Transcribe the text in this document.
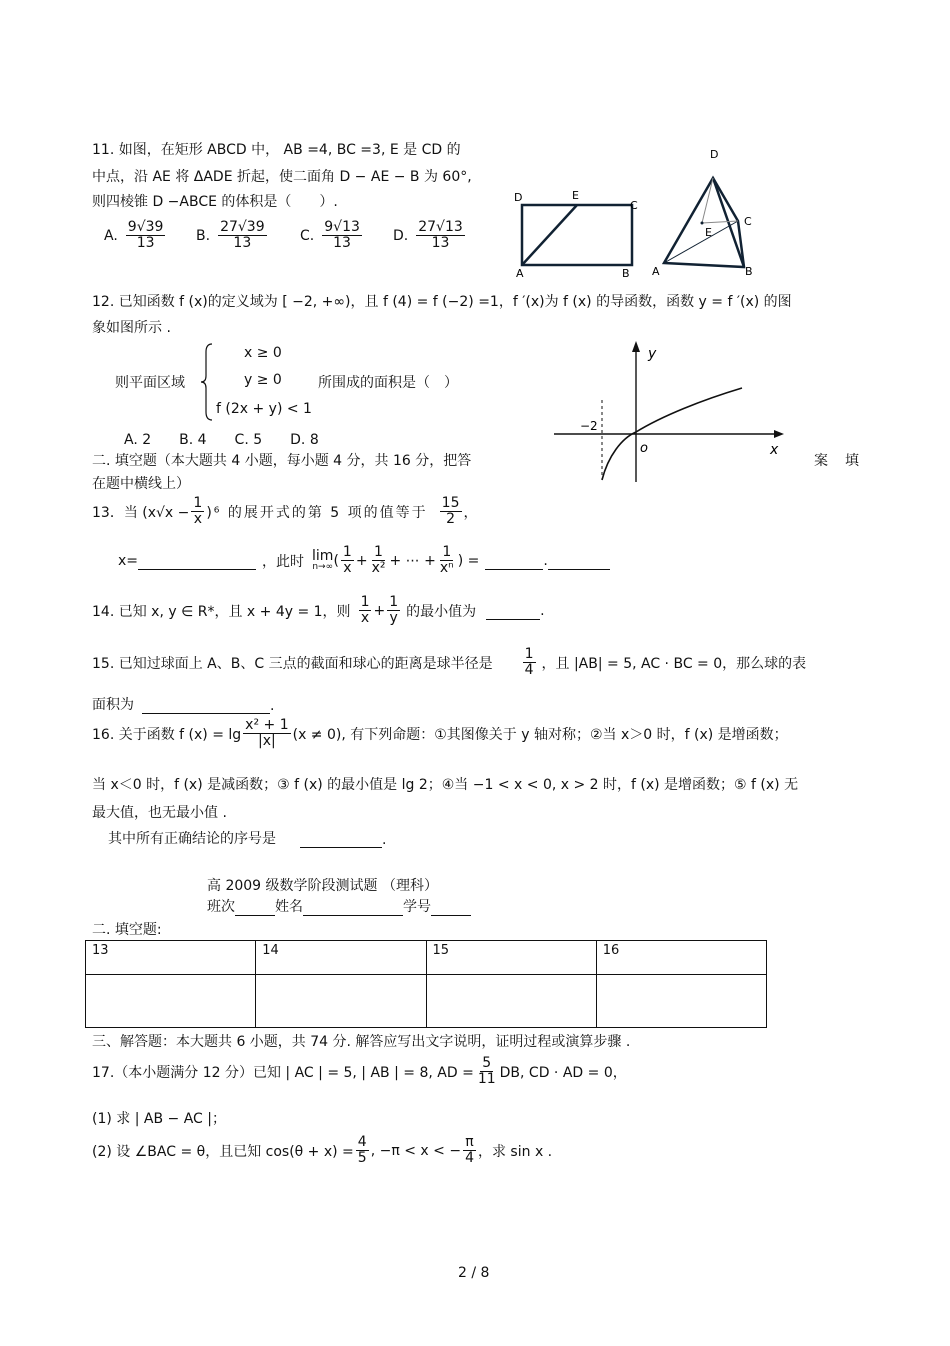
11. 如图，在矩形 ABCD 中， AB =4, BC =3, E 是 CD 的
中点，沿 AE 将 ΔADE 折起，使二面角 D − AE − B 为 60°,
则四棱锥 D −ABCE 的体积是（　　）.
A. $\frac{9√39}{13} B$. $\frac{27√39}{13} C$. $\frac{9√13}{13} D$. $\frac{27√13}{13}$
D	E
C
A	B
D
E
C
A	B
12. 已知函数 f (x)的定义域为 [ −2, +∞)，且 f (4) = f (−2) =1，f ′(x)为 f (x) 的导函数，函数 y = f ′(x) 的图
象如图所示 .
则平面区域
x ≥ 0
y ≥ 0
f (2x + y) < 1
所围成的面积是（　）
A. 2　　B. 4　　C. 5　　D. 8
y
x
o
−2
二. 填空题（本大题共 4 小题，每小题 4 分，共 16 分，把答	案 填
在题中横线上）
13．当 $(x√x - \frac{1}{x} )^6$ 的展开式的第 5 项的值等于 $\frac{15}{2}$ ，
x=	，此时 lim
n→∞ ( $\frac{1}{x} + \frac{1}{\text{x²}}$ + ⋯ + $\frac{1}{\text{xⁿ}}$ ) =	.
14. 已知 x, y ∈ R*，且 x + 4y = 1，则 $\frac{1}{x} + \frac{1}{y}$ 的最小值为	.
15. 已知过球面上 A、B、C 三点的截面和球心的距离是球半径是 $\frac{1}{4}$ ，且 |AB| = 5, AC · BC = 0，那么球的表
面积为	.
16. 关于函数 f $(x) = \lg \frac{\text{x² + 1}}{|x|} (x \ne 0)$, 有下列命题：①其图像关于 y 轴对称；②当 x＞0 时，f (x) 是增函数；
当 x＜0 时，f (x) 是减函数；③ f (x) 的最小值是 lg 2；④当 −1 < x < 0, x > 2 时，f (x) 是增函数；⑤ f (x) 无
最大值，也无最小值 .
其中所有正确结论的序号是	.
高 2009 级数学阶段测试题 （理科）
班次	姓名	学号
二. 填空题:
13	14	15	16

三、解答题：本大题共 6 小题，共 74 分. 解答应写出文字说明，证明过程或演算步骤 .
17.（本小题满分 12 分）已知 | AC | = 5, | AB | = 8, AD = $\frac{5}{11}$ DB, CD · AD = 0，
(1) 求 | AB − AC |；
(2) 设 ∠BAC = θ，且已知 $\cos(\theta + x) = \frac{4}{5}$ , −π < x < − $\frac{\pi}{4}$ ，求 sin x .
2 / 8
